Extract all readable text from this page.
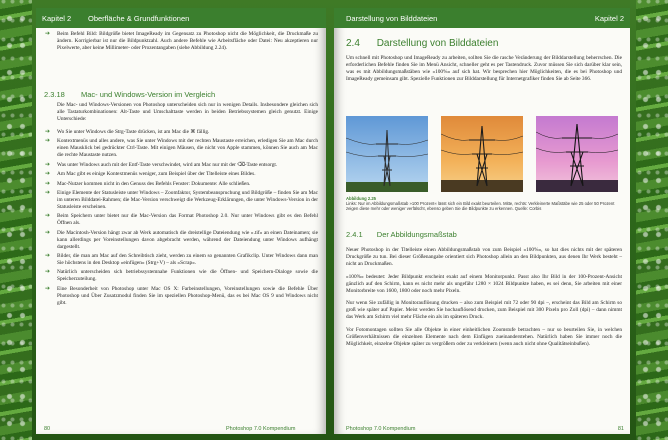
Kapitel 2 Oberfläche & Grundfunktionen
➔ Beim Befehl Bild: Bildgröße bietet ImageReady im Gegensatz zu Photoshop nicht die Möglichkeit, die Druckmaße zu ändern. Korrigierbar ist nur die Bildpunktzahl. Auch andere Befehle wie Arbeitsfläche oder Datei: Neu akzeptieren nur Pixelwerte, aber keine Millimeter- oder Prozentangaben (siehe Abbildung 2.24).
2.3.18 Mac- und Windows-Version im Vergleich

Die Mac- und Windows-Versionen von Photoshop unterscheiden sich nur in wenigen Details. Insbesondere gleichen sich alle Tastaturkombinationen: Alt-Taste und Umschalttaste werden in beiden Betriebssystemen gleich genutzt. Einige Unterschiede:

➔ Wo Sie unter Windows die Strg-Taste drücken, ist am Mac die ⌘ fällig.
➔ Kontextmenüs und alles andere, was Sie unter Windows mit der rechten Maustaste erreichen, erledigen Sie am Mac durch einen Mausklick bei gedrückter Ctrl-Taste. Mit einigen Mäusen, die nicht von Apple stammen, können Sie auch am Mac die rechte Maustaste nutzen.
➔ Was unter Windows auch mit der Entf-Taste verschwindet, wird am Mac nur mit der ⌫-Taste entsorgt.
➔ Am Mac gibt es einige Kontextmenüs weniger, zum Beispiel über der Titelleiste eines Bildes.
➔ Mac-Nutzer kommen nicht in den Genuss des Befehls Fenster: Dokumente: Alle schließen.
➔ Einige Elemente der Statusleiste unter Windows – Zoomfaktor, Systembeanspruchung und Bildgröße – finden Sie am Mac im unteren Bilddatei-Rahmen; die Mac-Version verschweigt die Werkzeug-Erklärungen, die unter Windows-Version in der Statusleiste erscheinen.
➔ Beim Speichern unter bietet nur die Mac-Version das Format Photoshop 2.0. Nur unter Windows gibt es den Befehl Öffnen als.
➔ Die Macintosh-Version hängt zwar ab Werk automatisch die dreistellige Dateiendung wie ».tif« an einen Dateinamen; sie kann allerdings per Voreinstellungen davon abgebracht werden, während der Dateiendung unter Windows aufhängt dargestellt.
➔ Bilder, die man am Mac auf den Schreibtisch zieht, werden zu einem so genannten Grafikclip. Unter Windows dann man Sie höchstens in den Desktop »einfügen« (Strg+V) – als »Scrap«.
➔ Natürlich unterscheiden sich betriebssystemnahe Funktionen wie die Öffnen- und Speichern-Dialoge sowie die Speicherzuteilung.
➔ Eine Besonderheit von Photoshop unter Mac OS X: Farbeinstellungen, Voreinstellungen sowie die Befehle Über Photoshop und Über Zusatzmodul finden Sie im speziellen Photoshop-Menü, das es bei Mac OS 9 und Windows nicht gibt.
80	Photoshop 7.0 Kompendium
Darstellung von Bilddateien	Kapitel 2
2.4 Darstellung von Bilddateien

Um schnell mit Photoshop und ImageReady zu arbeiten, sollten Sie die rasche Veränderung der Bilddarstellung beherrschen. Die erforderlichen Befehle finden Sie im Menü Ansicht, schneller geht es per Tastendruck. Zuvor müssen Sie sich darüber klar sein, was es mit Abbildungsmaßstäben wie »100%« auf sich hat. Wir besprechen hier Möglichkeiten, die es bei Photoshop und ImageReady gemeinsam gibt. Spezielle Funktionen zur Bilddarstellung für Internetgrafiker finden Sie ab Seite 366.

Abbildung 2.25
Links: Nur im Abbildungsmaßstab »100 Prozent« lässt sich ein Bild exakt beurteilen. Mitte, rechts: Verkleinerte Maßstäbe wie 25 oder 50 Prozent zeigen diese mehr oder weniger verfälscht, ebenso geben Sie die Bildpunkte zu erkennen. Quelle: Corbis
2.4.1 Der Abbildungsmaßstab

Neuer Photoshop in der Titelleiste einen Abbildungsmaßstab von zum Beispiel »100%«, so hat dies nichts mit der späteren Druckgröße zu tun. Bei dieser Größenangabe orientiert sich Photoshop allein an den Bildpunkten, aus denen Ihr Werk besteht – nicht an Druckmaßen.

»100%« bedeutet: Jeder Bildpunkt erscheint exakt auf einem Monitorpunkt. Passt also Ihr Bild in der 100-Prozent-Ansicht gänzlich auf den Schirm, kann es nicht mehr als ungefähr 1280 × 1024 Bildpunkte haben, es sei denn, Sie arbeiten mit einer Monitorbreite von 1600, 1800 oder noch mehr Pixeln.

Nur wenn Sie zufällig in Monitorauflösung drucken – also zum Beispiel mit 72 oder 90 dpi –, erscheint das Bild am Schirm so groß wie später auf Papier. Meist werden Sie hochauflösend drucken, zum Beispiel mit 300 Pixeln pro Zoll (dpi) – dann nimmt das Werk am Schirm viel mehr Fläche ein als im späteren Druck.

Vor Fotomontagen sollten Sie alle Objekte in einer einheitlichen Zoomstufe betrachten – nur so beurteilen Sie, in welchen Größenverhältnissen die einzelnen Elemente nach dem Einfügen zueinanderstehen. Natürlich haben Sie immer noch die Möglichkeit, einzelne Objekte später zu vergrößern oder zu verkleinern (wenn auch nicht ohne Qualitätseinbußen).

Photoshop 7.0 Kompendium	81
